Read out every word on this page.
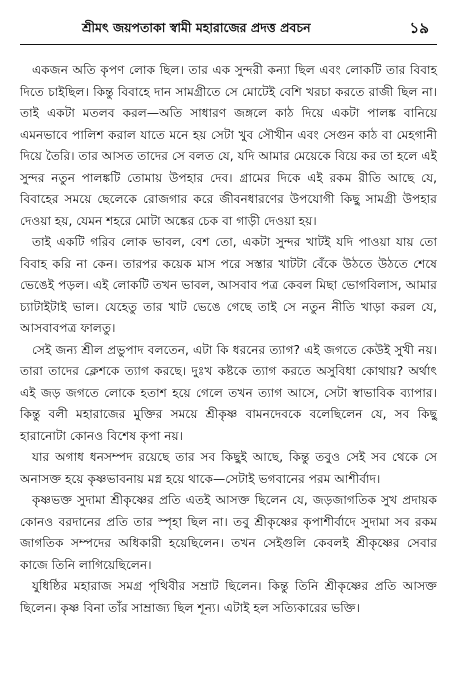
শ্রীমৎ জয়পতাকা স্বামী মহারাজের প্রদত্ত প্রবচন	১৯

একজন অতি কৃপণ লোক ছিল। তার এক সুন্দরী কন্যা ছিল এবং লোকটি তার বিবাহ দিতে চাইছিল। কিন্তু বিবাহে দান সামগ্রীতে সে মোটেই বেশি খরচা করতে রাজী ছিল না। তাই একটা মতলব করল—অতি সাধারণ জঙ্গলে কাঠ দিয়ে একটা পালঙ্ক বানিয়ে এমনভাবে পালিশ করাল যাতে মনে হয় সেটা খুব সৌখীন এবং সেগুন কাঠ বা মেহগানী দিয়ে তৈরি। তার আসত তাদের সে বলত যে, যদি আমার মেয়েকে বিয়ে কর তা হলে এই সুন্দর নতুন পালঙ্কটি তোমায় উপহার দেব। গ্রামের দিকে এই রকম রীতি আছে যে, বিবাহের সময়ে ছেলেকে রোজগার করে জীবনধারণের উপযোগী কিছু সামগ্রী উপহার দেওয়া হয়, যেমন শহরে মোটা অঙ্কের চেক বা গাড়ী দেওয়া হয়।

তাই একটি গরিব লোক ভাবল, বেশ তো, একটা সুন্দর খাটই যদি পাওয়া যায় তো বিবাহ করি না কেন। তারপর কয়েক মাস পরে সস্তার খাটটা বেঁকে উঠতে উঠতে শেষে ভেঙেই পড়ল। এই লোকটি তখন ভাবল, আসবাব পত্র কেবল মিছা ভোগবিলাস, আমার চ্যাটাইটাই ভাল। যেহেতু তার খাট ভেঙে গেছে তাই সে নতুন নীতি খাড়া করল যে, আসবাবপত্র ফালতু।

সেই জন্য শ্রীল প্রভুপাদ বলতেন, এটা কি ধরনের ত্যাগ? এই জগতে কেউই সুখী নয়। তারা তাদের ক্লেশকে ত্যাগ করছে। দুঃখ কষ্টকে ত্যাগ করতে অসুবিধা কোথায়? অর্থাৎ এই জড় জগতে লোকে হতাশ হয়ে গেলে তখন ত্যাগ আসে, সেটা স্বাভাবিক ব্যাপার। কিন্তু বলী মহারাজের মুক্তির সময়ে শ্রীকৃষ্ণ বামনদেবকে বলেছিলেন যে, সব কিছু হারানোটা কোনও বিশেষ কৃপা নয়।

যার অগাধ ধনসম্পদ রয়েছে তার সব কিছুই আছে, কিন্তু তবুও সেই সব থেকে সে অনাসক্ত হয়ে কৃষ্ণভাবনায় মগ্ন হয়ে থাকে—সেটাই ভগবানের পরম আশীর্বাদ।

কৃষ্ণভক্ত সুদামা শ্রীকৃষ্ণের প্রতি এতই আসক্ত ছিলেন যে, জড়জাগতিক সুখ প্রদায়ক কোনও বরদানের প্রতি তার স্পৃহা ছিল না। তবু শ্রীকৃষ্ণের কৃপাশীর্বাদে সুদামা সব রকম জাগতিক সম্পদের অধিকারী হয়েছিলেন। তখন সেইগুলি কেবলই শ্রীকৃষ্ণের সেবার কাজে তিনি লাগিয়েছিলেন।

যুধিষ্ঠির মহারাজ সমগ্র পৃথিবীর সম্রাট ছিলেন। কিন্তু তিনি শ্রীকৃষ্ণের প্রতি আসক্ত ছিলেন। কৃষ্ণ বিনা তাঁর সাম্রাজ্য ছিল শূন্য। এটাই হল সত্যিকারের ভক্তি।
